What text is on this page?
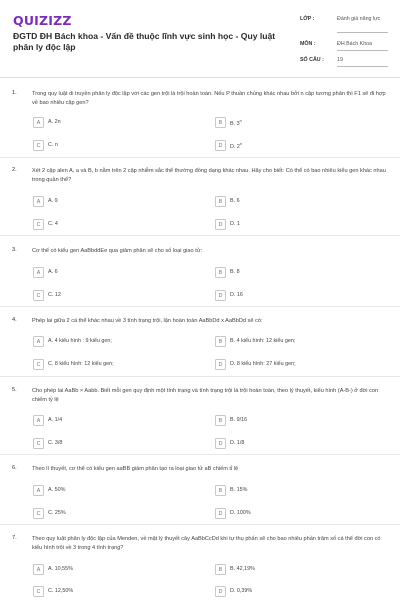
QUIZIZZ
ĐGTD ĐH Bách khoa - Vấn đề thuộc lĩnh vực sinh học - Quy luật phân ly độc lập
LỚP :	Đánh giá năng lực
MÔN :	ĐH Bách Khoa
SỐ CÂU : 19
1.	Trong quy luật di truyền phân ly độc lập với các gen trội là trội hoàn toàn. Nếu P thuần chủng khác nhau bởi n cặp tương phản thì F1 sẽ đi hợp về bao nhiêu cặp gen?
A	A. 2n	B	B. 3$^n$
C	C. n	D	D. 2$^n$
2.	Xét 2 cặp alen A, a và B, b nằm trên 2 cặp nhiễm sắc thể thường đồng dạng khác nhau. Hãy cho biết: Có thể có bao nhiêu kiểu gen khác nhau trong quần thể?
A	A. 9	B	B. 6
C	C. 4	D	D. 1
3.	Cơ thể có kiểu gen AaBbddEe qua giảm phân sẽ cho số loại giao tử:
A	A. 6	B	B. 8
C	C. 12	D	D. 16
4.	Phép lai giữa 2 cá thể khác nhau về 3 tính trạng trội, lặn hoàn toàn AaBbDd x AaBbDd sẽ có:
A	A. 4 kiểu hình : 9 kiểu gen;	B	B. 4 kiểu hình: 12 kiểu gen;
C	C. 8 kiểu hình: 12 kiểu gen;	D	D. 8 kiểu hình: 27 kiểu gen;
5.	Cho phép lai AaBb × Aabb. Biết mỗi gen quy định một tính trạng và tính trạng trội là trội hoàn toàn, theo lý thuyết, kiểu hình (A-B-) ở đời con chiếm tỷ lệ
A	A. 1/4	B	B. 9/16
C	C. 3/8	D	D. 1/8
6.	Theo lí thuyết, cơ thể có kiểu gen aaBB giảm phân tạo ra loại giao tử aB chiếm tỉ lệ
A	A. 50%	B	B. 15%
C	C. 25%	D	D. 100%
7.	Theo quy luật phân ly độc lập của Menden, về mặt lý thuyết cây AaBbCcDd khi tự thụ phấn sẽ cho bao nhiêu phần trăm số cá thể đời con có kiểu hình trội về 3 trong 4 tính trạng?
A	A. 10,55%	B	B. 42,19%
C	C. 12,50%	D	D. 0,39%
